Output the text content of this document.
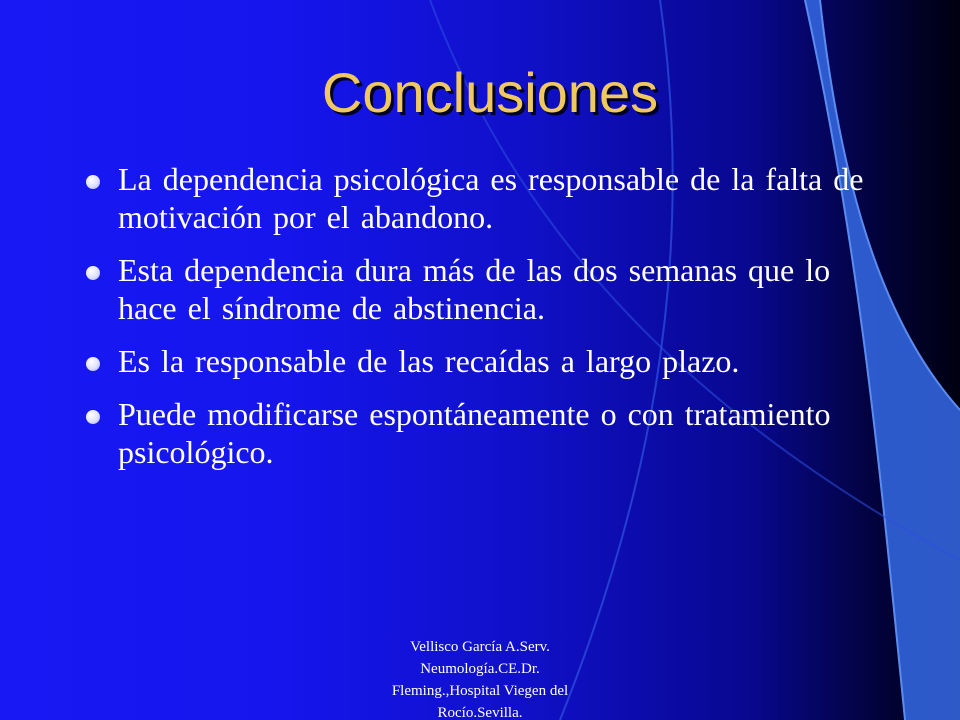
Conclusiones
La dependencia psicológica es responsable de la falta de motivación por el abandono.
Esta dependencia dura más de las dos semanas que lo hace el síndrome de abstinencia.
Es la responsable de las recaídas a largo plazo.
Puede modificarse espontáneamente o con tratamiento psicológico.
Vellisco García A.Serv.
Neumología.CE.Dr.
Fleming.,Hospital Viegen del
Rocío.Sevilla.
